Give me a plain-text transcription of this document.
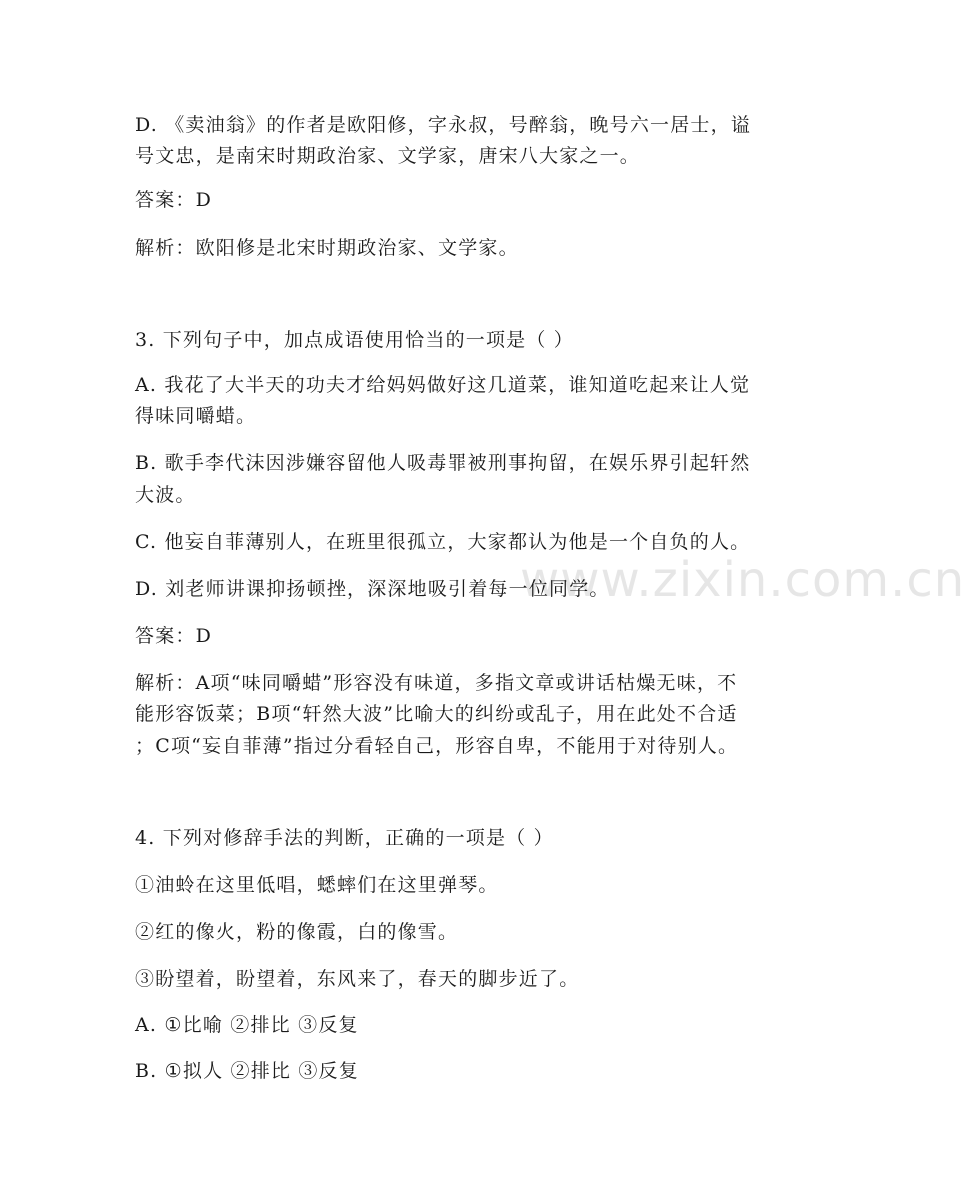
www.zixin.com.cn
D. 《卖油翁》的作者是欧阳修，字永叔，号醉翁，晚号六一居士，谥
号文忠，是南宋时期政治家、文学家，唐宋八大家之一。
答案：D
解析：欧阳修是北宋时期政治家、文学家。
3. 下列句子中，加点成语使用恰当的一项是（ ）
A. 我花了大半天的功夫才给妈妈做好这几道菜，谁知道吃起来让人觉
得味同嚼蜡。
B. 歌手李代沫因涉嫌容留他人吸毒罪被刑事拘留，在娱乐界引起轩然
大波。
C. 他妄自菲薄别人，在班里很孤立，大家都认为他是一个自负的人。
D. 刘老师讲课抑扬顿挫，深深地吸引着每一位同学。
答案：D
解析：A项“味同嚼蜡”形容没有味道，多指文章或讲话枯燥无味，不
能形容饭菜；B项“轩然大波”比喻大的纠纷或乱子，用在此处不合适
；C项“妄自菲薄”指过分看轻自己，形容自卑，不能用于对待别人。
4. 下列对修辞手法的判断，正确的一项是（ ）
①油蛉在这里低唱，蟋蟀们在这里弹琴。
②红的像火，粉的像霞，白的像雪。
③盼望着，盼望着，东风来了，春天的脚步近了。
A. ①比喻 ②排比 ③反复
B. ①拟人 ②排比 ③反复
